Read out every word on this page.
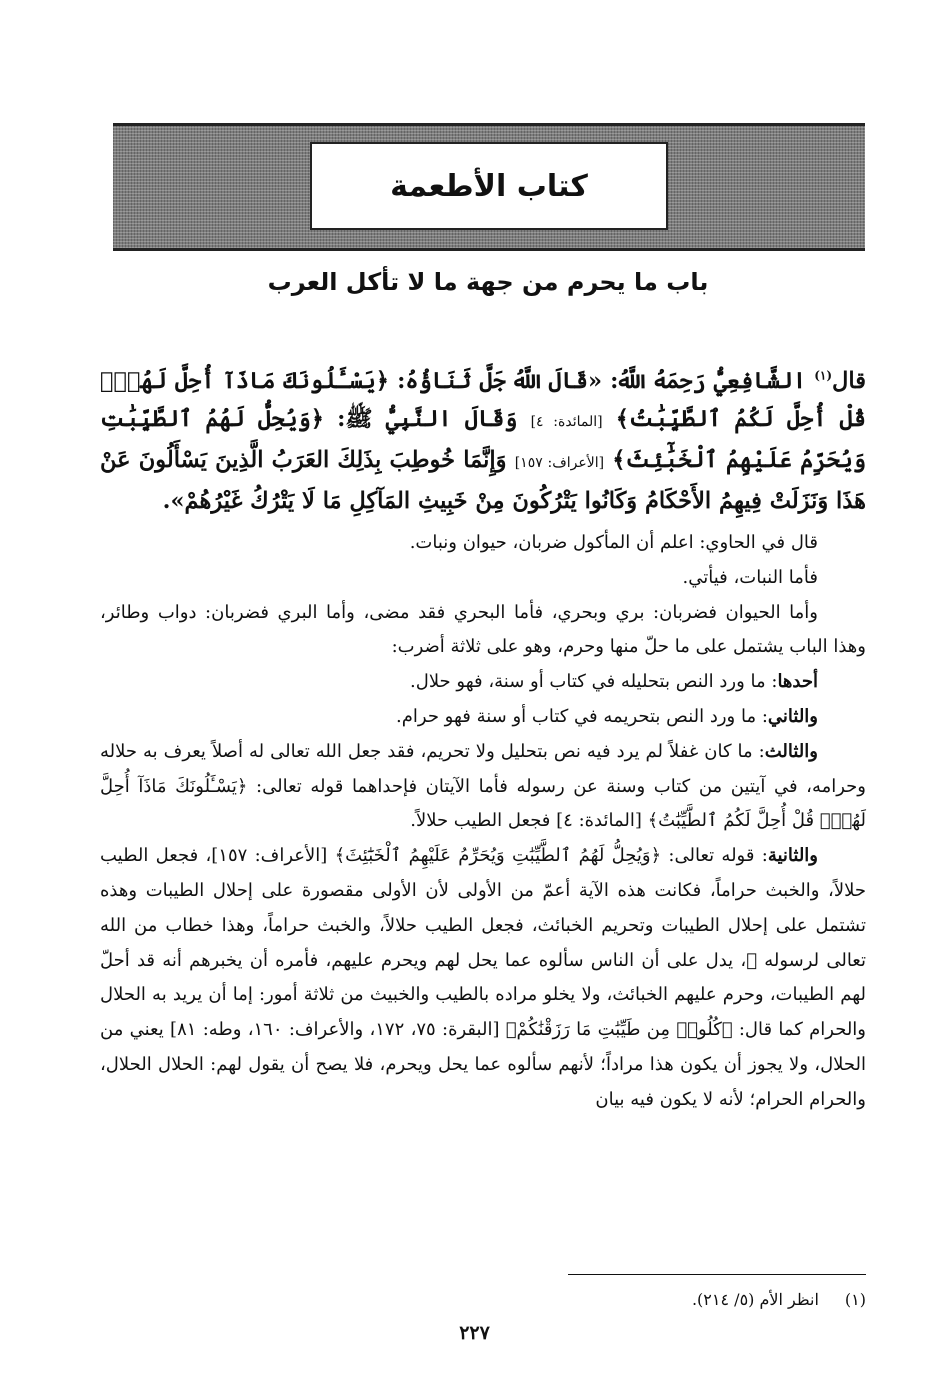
كتاب الأطعمة
باب ما يحرم من جهة ما لا تأكل العرب

قال$^{(١)}$ الشَّافِعِيُّ رَحِمَهُ اللَّهُ: «قَالَ اللَّهُ جَلَّ ثَنَاؤُهُ: ﴿يَسْـَٔلُونَكَ مَاذَآ أُحِلَّ لَهُمْۖ قُلْ أُحِلَّ لَكُمُ ٱلطَّيِّبَٰتُ﴾ [المائدة: ٤] وَقَالَ النَّبِيُّ ﷺ: ﴿وَيُحِلُّ لَهُمُ ٱلطَّيِّبَٰتِ وَيُحَرِّمُ عَلَيْهِمُ ٱلْخَبَٰٓئِثَ﴾ [الأعراف: ١٥٧] وَإِنَّمَا خُوطِبَ بِذَلِكَ العَرَبُ الَّذِينَ يَسْأَلُونَ عَنْ هَذَا وَنَزَلَتْ فِيهِمُ الأَحْكَامُ وَكَانُوا يَتْرُكُونَ مِنْ خَبِيثِ المَآكِلِ مَا لَا يَتْرُكُ غَيْرُهُمْ».

قال في الحاوي: اعلم أن المأكول ضربان، حيوان ونبات.

فأما النبات، فيأتي.

وأما الحيوان فضربان: بري وبحري، فأما البحري فقد مضى، وأما البري فضربان: دواب وطائر، وهذا الباب يشتمل على ما حلّ منها وحرم، وهو على ثلاثة أضرب:

أحدها: ما ورد النص بتحليله في كتاب أو سنة، فهو حلال.

والثاني: ما ورد النص بتحريمه في كتاب أو سنة فهو حرام.

والثالث: ما كان غفلاً لم يرد فيه نص بتحليل ولا تحريم، فقد جعل الله تعالى له أصلاً يعرف به حلاله وحرامه، في آيتين من كتاب وسنة عن رسوله فأما الآيتان فإحداهما قوله تعالى: ﴿يَسْـَٔلُونَكَ مَاذَآ أُحِلَّ لَهُمْۖ قُلْ أُحِلَّ لَكُمُ ٱلطَّيِّبَٰتُ﴾ [المائدة: ٤] فجعل الطيب حلالاً.

والثانية: قوله تعالى: ﴿وَيُحِلُّ لَهُمُ ٱلطَّيِّبَٰتِ وَيُحَرِّمُ عَلَيْهِمُ ٱلْخَبَٰٓئِثَ﴾ [الأعراف: ١٥٧]، فجعل الطيب حلالاً، والخبث حراماً، فكانت هذه الآية أعمّ من الأولى لأن الأولى مقصورة على إحلال الطيبات وهذه تشتمل على إحلال الطيبات وتحريم الخبائث، فجعل الطيب حلالاً، والخبث حراماً، وهذا خطاب من الله تعالى لرسوله ﷺ، يدل على أن الناس سألوه عما يحل لهم ويحرم عليهم، فأمره أن يخبرهم أنه قد أحلّ لهم الطيبات، وحرم عليهم الخبائث، ولا يخلو مراده بالطيب والخبيث من ثلاثة أمور: إما أن يريد به الحلال والحرام كما قال: ﴿كُلُوا۟ مِن طَيِّبَٰتِ مَا رَزَقْنَٰكُمْ﴾ [البقرة: ٧٥، ١٧٢، والأعراف: ١٦٠، وطه: ٨١] يعني من الحلال، ولا يجوز أن يكون هذا مراداً؛ لأنهم سألوه عما يحل ويحرم، فلا يصح أن يقول لهم: الحلال الحلال، والحرام الحرام؛ لأنه لا يكون فيه بيان

(١)انظر الأم (٥/ ٢١٤).
٢٢٧
